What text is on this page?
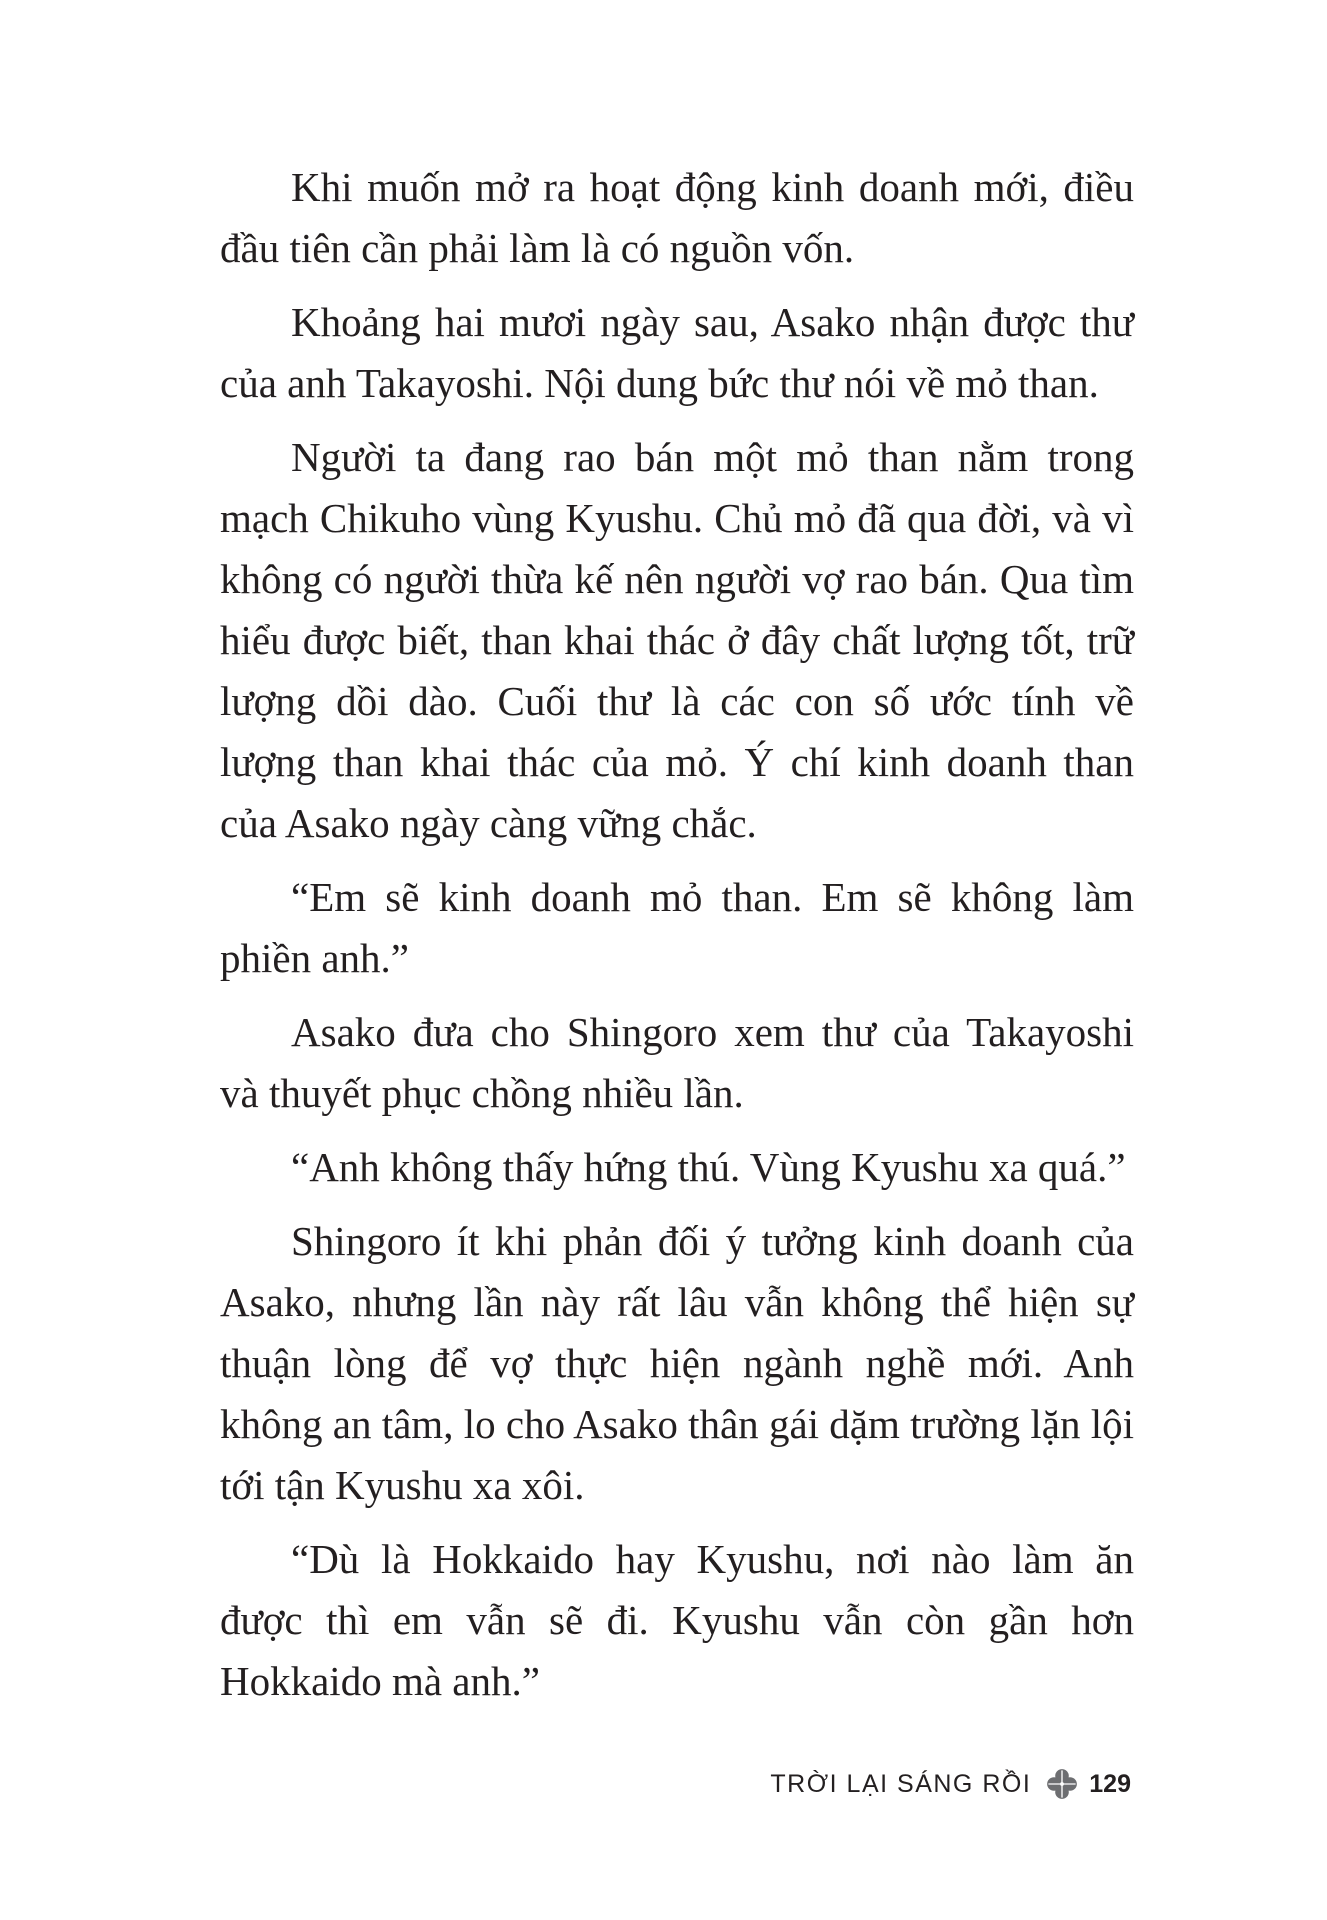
Khi muốn mở ra hoạt động kinh doanh mới, điều đầu tiên cần phải làm là có nguồn vốn.

Khoảng hai mươi ngày sau, Asako nhận được thư của anh Takayoshi. Nội dung bức thư nói về mỏ than.

Người ta đang rao bán một mỏ than nằm trong mạch Chikuho vùng Kyushu. Chủ mỏ đã qua đời, và vì không có người thừa kế nên người vợ rao bán. Qua tìm hiểu được biết, than khai thác ở đây chất lượng tốt, trữ lượng dồi dào. Cuối thư là các con số ước tính về lượng than khai thác của mỏ. Ý chí kinh doanh than của Asako ngày càng vững chắc.

“Em sẽ kinh doanh mỏ than. Em sẽ không làm phiền anh.”

Asako đưa cho Shingoro xem thư của Takayoshi và thuyết phục chồng nhiều lần.

“Anh không thấy hứng thú. Vùng Kyushu xa quá.”

Shingoro ít khi phản đối ý tưởng kinh doanh của Asako, nhưng lần này rất lâu vẫn không thể hiện sự thuận lòng để vợ thực hiện ngành nghề mới. Anh không an tâm, lo cho Asako thân gái dặm trường lặn lội tới tận Kyushu xa xôi.

“Dù là Hokkaido hay Kyushu, nơi nào làm ăn được thì em vẫn sẽ đi. Kyushu vẫn còn gần hơn Hokkaido mà anh.”

TRỜI LẠI SÁNG RỒI 129
